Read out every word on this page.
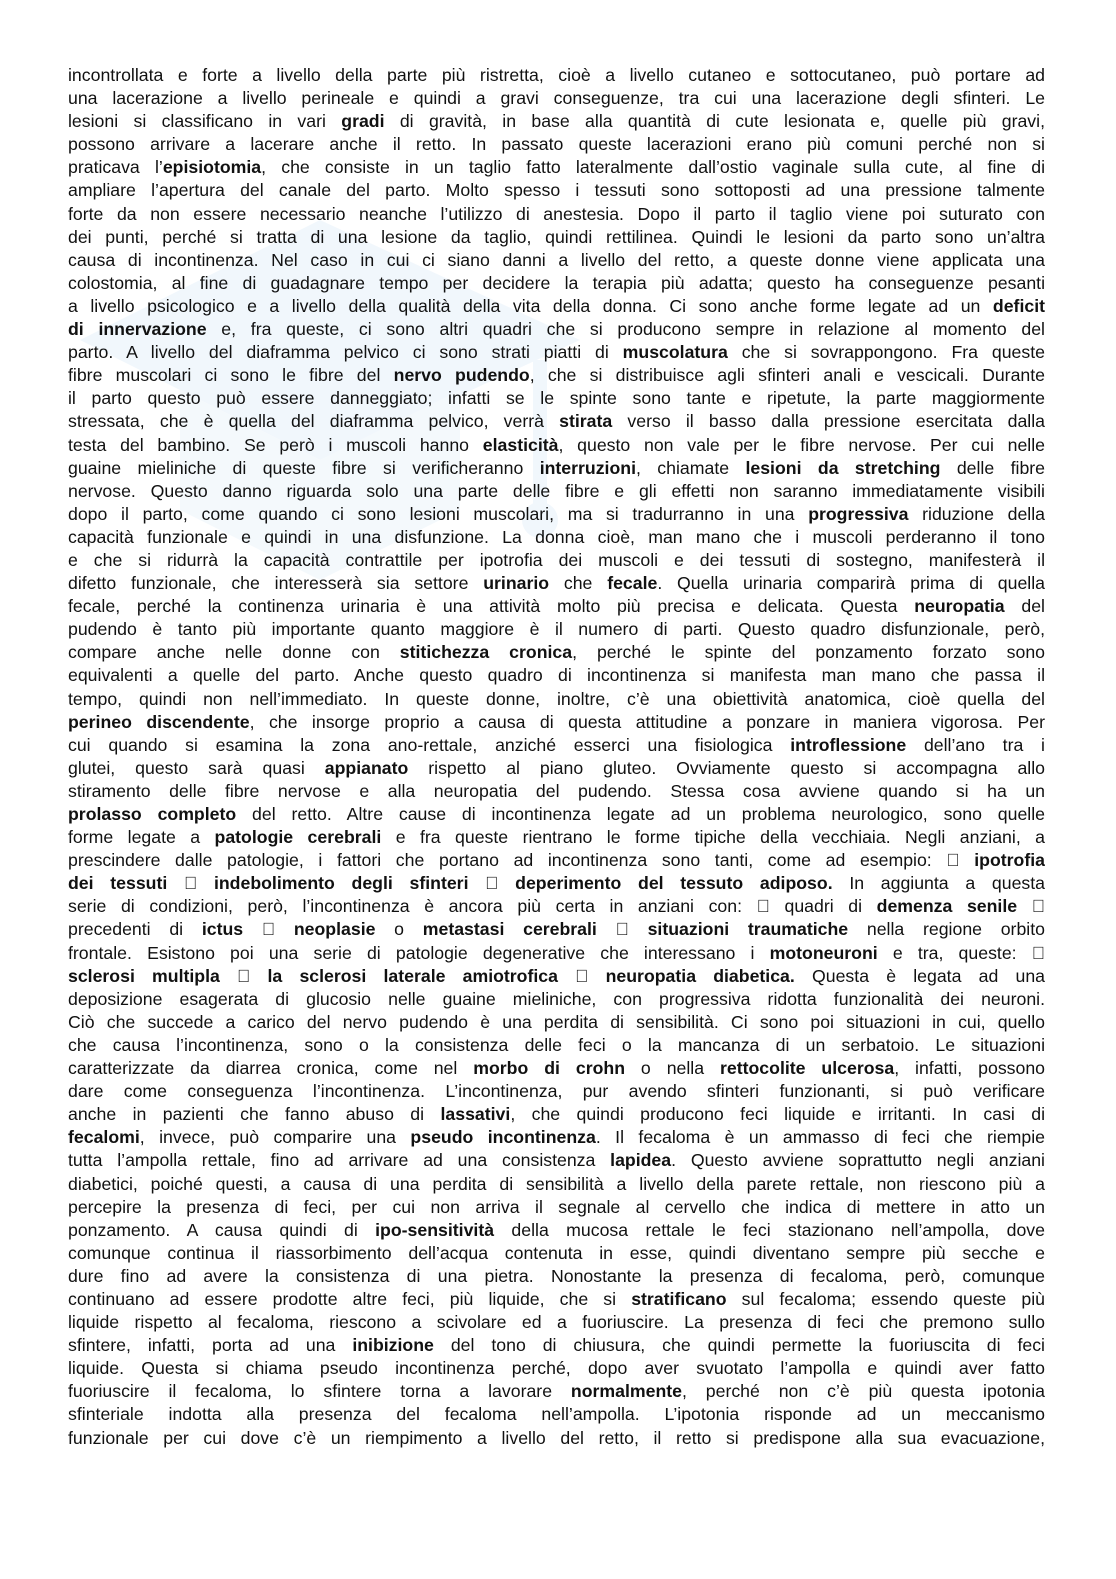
incontrollata e forte a livello della parte più ristretta, cioè a livello cutaneo e sottocutaneo, può portare ad
una lacerazione a livello perineale e quindi a gravi conseguenze, tra cui una lacerazione degli sfinteri. Le
lesioni si classificano in vari gradi di gravità, in base alla quantità di cute lesionata e, quelle più gravi,
possono arrivare a lacerare anche il retto. In passato queste lacerazioni erano più comuni perché non si
praticava l’episiotomia, che consiste in un taglio fatto lateralmente dall’ostio vaginale sulla cute, al fine di
ampliare l’apertura del canale del parto. Molto spesso i tessuti sono sottoposti ad una pressione talmente
forte da non essere necessario neanche l’utilizzo di anestesia. Dopo il parto il taglio viene poi suturato con
dei punti, perché si tratta di una lesione da taglio, quindi rettilinea. Quindi le lesioni da parto sono un’altra
causa di incontinenza. Nel caso in cui ci siano danni a livello del retto, a queste donne viene applicata una
colostomia, al fine di guadagnare tempo per decidere la terapia più adatta; questo ha conseguenze pesanti
a livello psicologico e a livello della qualità della vita della donna. Ci sono anche forme legate ad un deficit
di innervazione e, fra queste, ci sono altri quadri che si producono sempre in relazione al momento del
parto. A livello del diaframma pelvico ci sono strati piatti di muscolatura che si sovrappongono. Fra queste
fibre muscolari ci sono le fibre del nervo pudendo, che si distribuisce agli sfinteri anali e vescicali. Durante
il parto questo può essere danneggiato; infatti se le spinte sono tante e ripetute, la parte maggiormente
stressata, che è quella del diaframma pelvico, verrà stirata verso il basso dalla pressione esercitata dalla
testa del bambino. Se però i muscoli hanno elasticità, questo non vale per le fibre nervose. Per cui nelle
guaine mieliniche di queste fibre si verificheranno interruzioni, chiamate lesioni da stretching delle fibre
nervose. Questo danno riguarda solo una parte delle fibre e gli effetti non saranno immediatamente visibili
dopo il parto, come quando ci sono lesioni muscolari, ma si tradurranno in una progressiva riduzione della
capacità funzionale e quindi in una disfunzione. La donna cioè, man mano che i muscoli perderanno il tono
e che si ridurrà la capacità contrattile per ipotrofia dei muscoli e dei tessuti di sostegno, manifesterà il
difetto funzionale, che interesserà sia settore urinario che fecale. Quella urinaria comparirà prima di quella
fecale, perché la continenza urinaria è una attività molto più precisa e delicata. Questa neuropatia del
pudendo è tanto più importante quanto maggiore è il numero di parti. Questo quadro disfunzionale, però,
compare anche nelle donne con stitichezza cronica, perché le spinte del ponzamento forzato sono
equivalenti a quelle del parto. Anche questo quadro di incontinenza si manifesta man mano che passa il
tempo, quindi non nell’immediato. In queste donne, inoltre, c’è una obiettività anatomica, cioè quella del
perineo discendente, che insorge proprio a causa di questa attitudine a ponzare in maniera vigorosa. Per
cui quando si esamina la zona ano-rettale, anziché esserci una fisiologica introflessione dell’ano tra i
glutei, questo sarà quasi appianato rispetto al piano gluteo. Ovviamente questo si accompagna allo
stiramento delle fibre nervose e alla neuropatia del pudendo. Stessa cosa avviene quando si ha un
prolasso completo del retto. Altre cause di incontinenza legate ad un problema neurologico, sono quelle
forme legate a patologie cerebrali e fra queste rientrano le forme tipiche della vecchiaia. Negli anziani, a
prescindere dalle patologie, i fattori che portano ad incontinenza sono tanti, come ad esempio: ipotrofia
dei tessuti indebolimento degli sfinteri deperimento del tessuto adiposo. In aggiunta a questa
serie di condizioni, però, l’incontinenza è ancora più certa in anziani con: quadri di demenza senile
precedenti di ictus neoplasie o metastasi cerebrali situazioni traumatiche nella regione orbito
frontale. Esistono poi una serie di patologie degenerative che interessano i motoneuroni e tra, queste:
sclerosi multipla la sclerosi laterale amiotrofica neuropatia diabetica. Questa è legata ad una
deposizione esagerata di glucosio nelle guaine mieliniche, con progressiva ridotta funzionalità dei neuroni.
Ciò che succede a carico del nervo pudendo è una perdita di sensibilità. Ci sono poi situazioni in cui, quello
che causa l’incontinenza, sono o la consistenza delle feci o la mancanza di un serbatoio. Le situazioni
caratterizzate da diarrea cronica, come nel morbo di crohn o nella rettocolite ulcerosa, infatti, possono
dare come conseguenza l’incontinenza. L’incontinenza, pur avendo sfinteri funzionanti, si può verificare
anche in pazienti che fanno abuso di lassativi, che quindi producono feci liquide e irritanti. In casi di
fecalomi, invece, può comparire una pseudo incontinenza. Il fecaloma è un ammasso di feci che riempie
tutta l’ampolla rettale, fino ad arrivare ad una consistenza lapidea. Questo avviene soprattutto negli anziani
diabetici, poiché questi, a causa di una perdita di sensibilità a livello della parete rettale, non riescono più a
percepire la presenza di feci, per cui non arriva il segnale al cervello che indica di mettere in atto un
ponzamento. A causa quindi di ipo-sensitività della mucosa rettale le feci stazionano nell’ampolla, dove
comunque continua il riassorbimento dell’acqua contenuta in esse, quindi diventano sempre più secche e
dure fino ad avere la consistenza di una pietra. Nonostante la presenza di fecaloma, però, comunque
continuano ad essere prodotte altre feci, più liquide, che si stratificano sul fecaloma; essendo queste più
liquide rispetto al fecaloma, riescono a scivolare ed a fuoriuscire. La presenza di feci che premono sullo
sfintere, infatti, porta ad una inibizione del tono di chiusura, che quindi permette la fuoriuscita di feci
liquide. Questa si chiama pseudo incontinenza perché, dopo aver svuotato l’ampolla e quindi aver fatto
fuoriuscire il fecaloma, lo sfintere torna a lavorare normalmente, perché non c’è più questa ipotonia
sfinteriale indotta alla presenza del fecaloma nell’ampolla. L’ipotonia risponde ad un meccanismo
funzionale per cui dove c’è un riempimento a livello del retto, il retto si predispone alla sua evacuazione,
